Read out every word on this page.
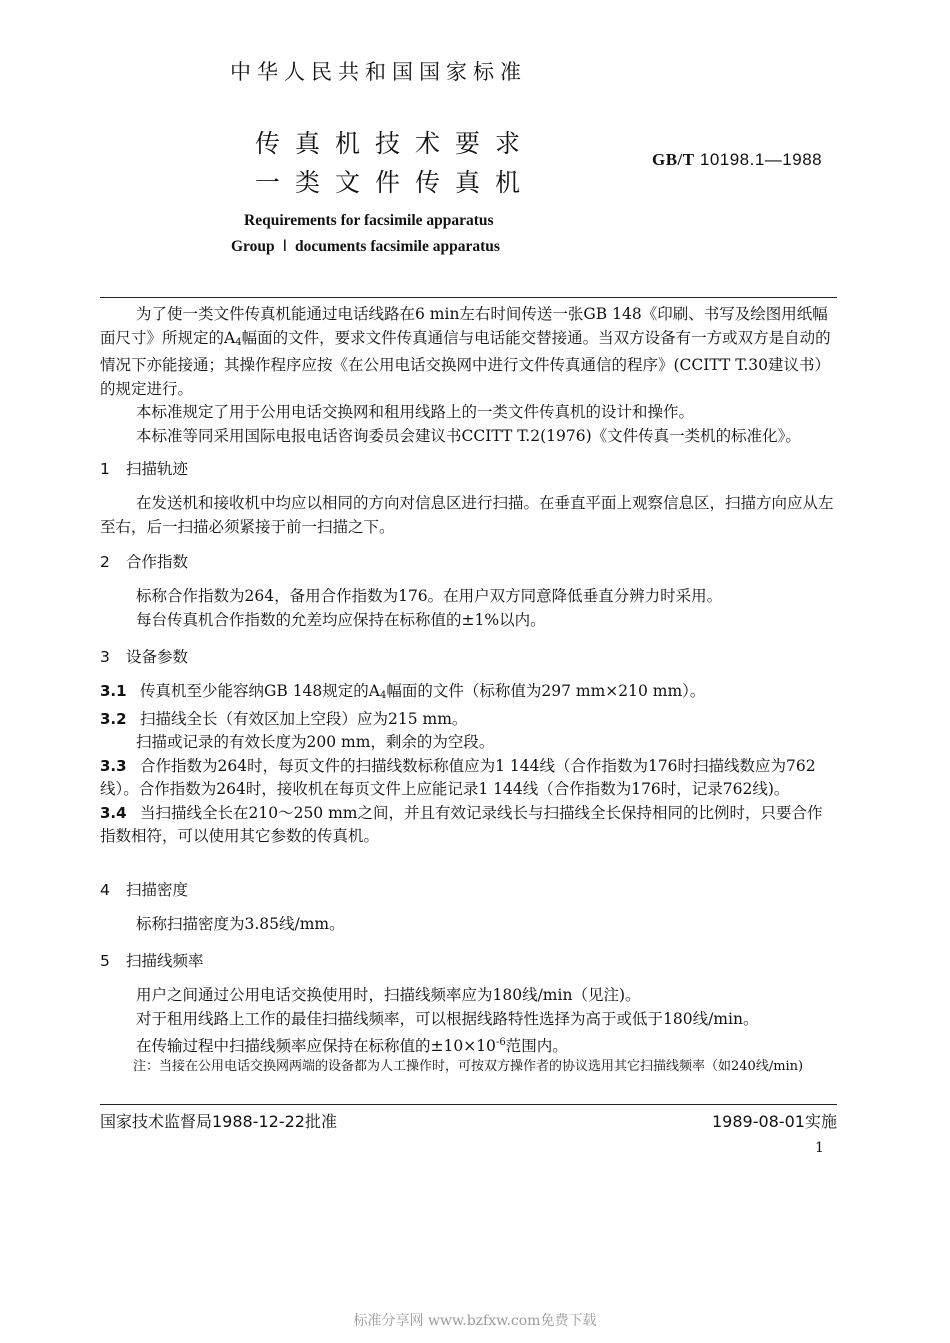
中华人民共和国国家标准
传真机技术要求
一类文件传真机
GB/T 10198.1—1988
Requirements for facsimile apparatus
Group Ⅰ documents facsimile apparatus

为了使一类文件传真机能通过电话线路在6 min左右时间传送一张GB 148《印刷、书写及绘图用纸幅面尺寸》所规定的$A_4$幅面的文件，要求文件传真通信与电话能交替接通。当双方设备有一方或双方是自动的情况下亦能接通；其操作程序应按《在公用电话交换网中进行文件传真通信的程序》(CCITT T.30建议书）的规定进行。

本标准规定了用于公用电话交换网和租用线路上的一类文件传真机的设计和操作。

本标准等同采用国际电报电话咨询委员会建议书CCITT T.2(1976)《文件传真一类机的标准化》。

1 扫描轨迹

在发送机和接收机中均应以相同的方向对信息区进行扫描。在垂直平面上观察信息区，扫描方向应从左至右，后一扫描必须紧接于前一扫描之下。

2 合作指数

标称合作指数为264，备用合作指数为176。在用户双方同意降低垂直分辨力时采用。

每台传真机合作指数的允差均应保持在标称值的±1%以内。

3 设备参数

3.1 传真机至少能容纳GB 148规定的$A_4$幅面的文件（标称值为297 mm×210 mm）。

3.2 扫描线全长（有效区加上空段）应为215 mm。

扫描或记录的有效长度为200 mm，剩余的为空段。

3.3 合作指数为264时，每页文件的扫描线数标称值应为1 144线（合作指数为176时扫描线数应为762线）。合作指数为264时，接收机在每页文件上应能记录1 144线（合作指数为176时，记录762线)。

3.4 当扫描线全长在210～250 mm之间，并且有效记录线长与扫描线全长保持相同的比例时，只要合作指数相符，可以使用其它参数的传真机。

4 扫描密度

标称扫描密度为3.85线/mm。

5 扫描线频率

用户之间通过公用电话交换使用时，扫描线频率应为180线/min（见注)。

对于租用线路上工作的最佳扫描线频率，可以根据线路特性选择为高于或低于180线/min。

在传输过程中扫描线频率应保持在标称值的$\pm 10\times 10^{-6}$范围内。

注：当接在公用电话交换网两端的设备都为人工操作时，可按双方操作者的协议选用其它扫描线频率（如240线/min)
国家技术监督局1988-12-22批准	1989-08-01实施
1
标准分享网 www.bzfxw.com免费下载
